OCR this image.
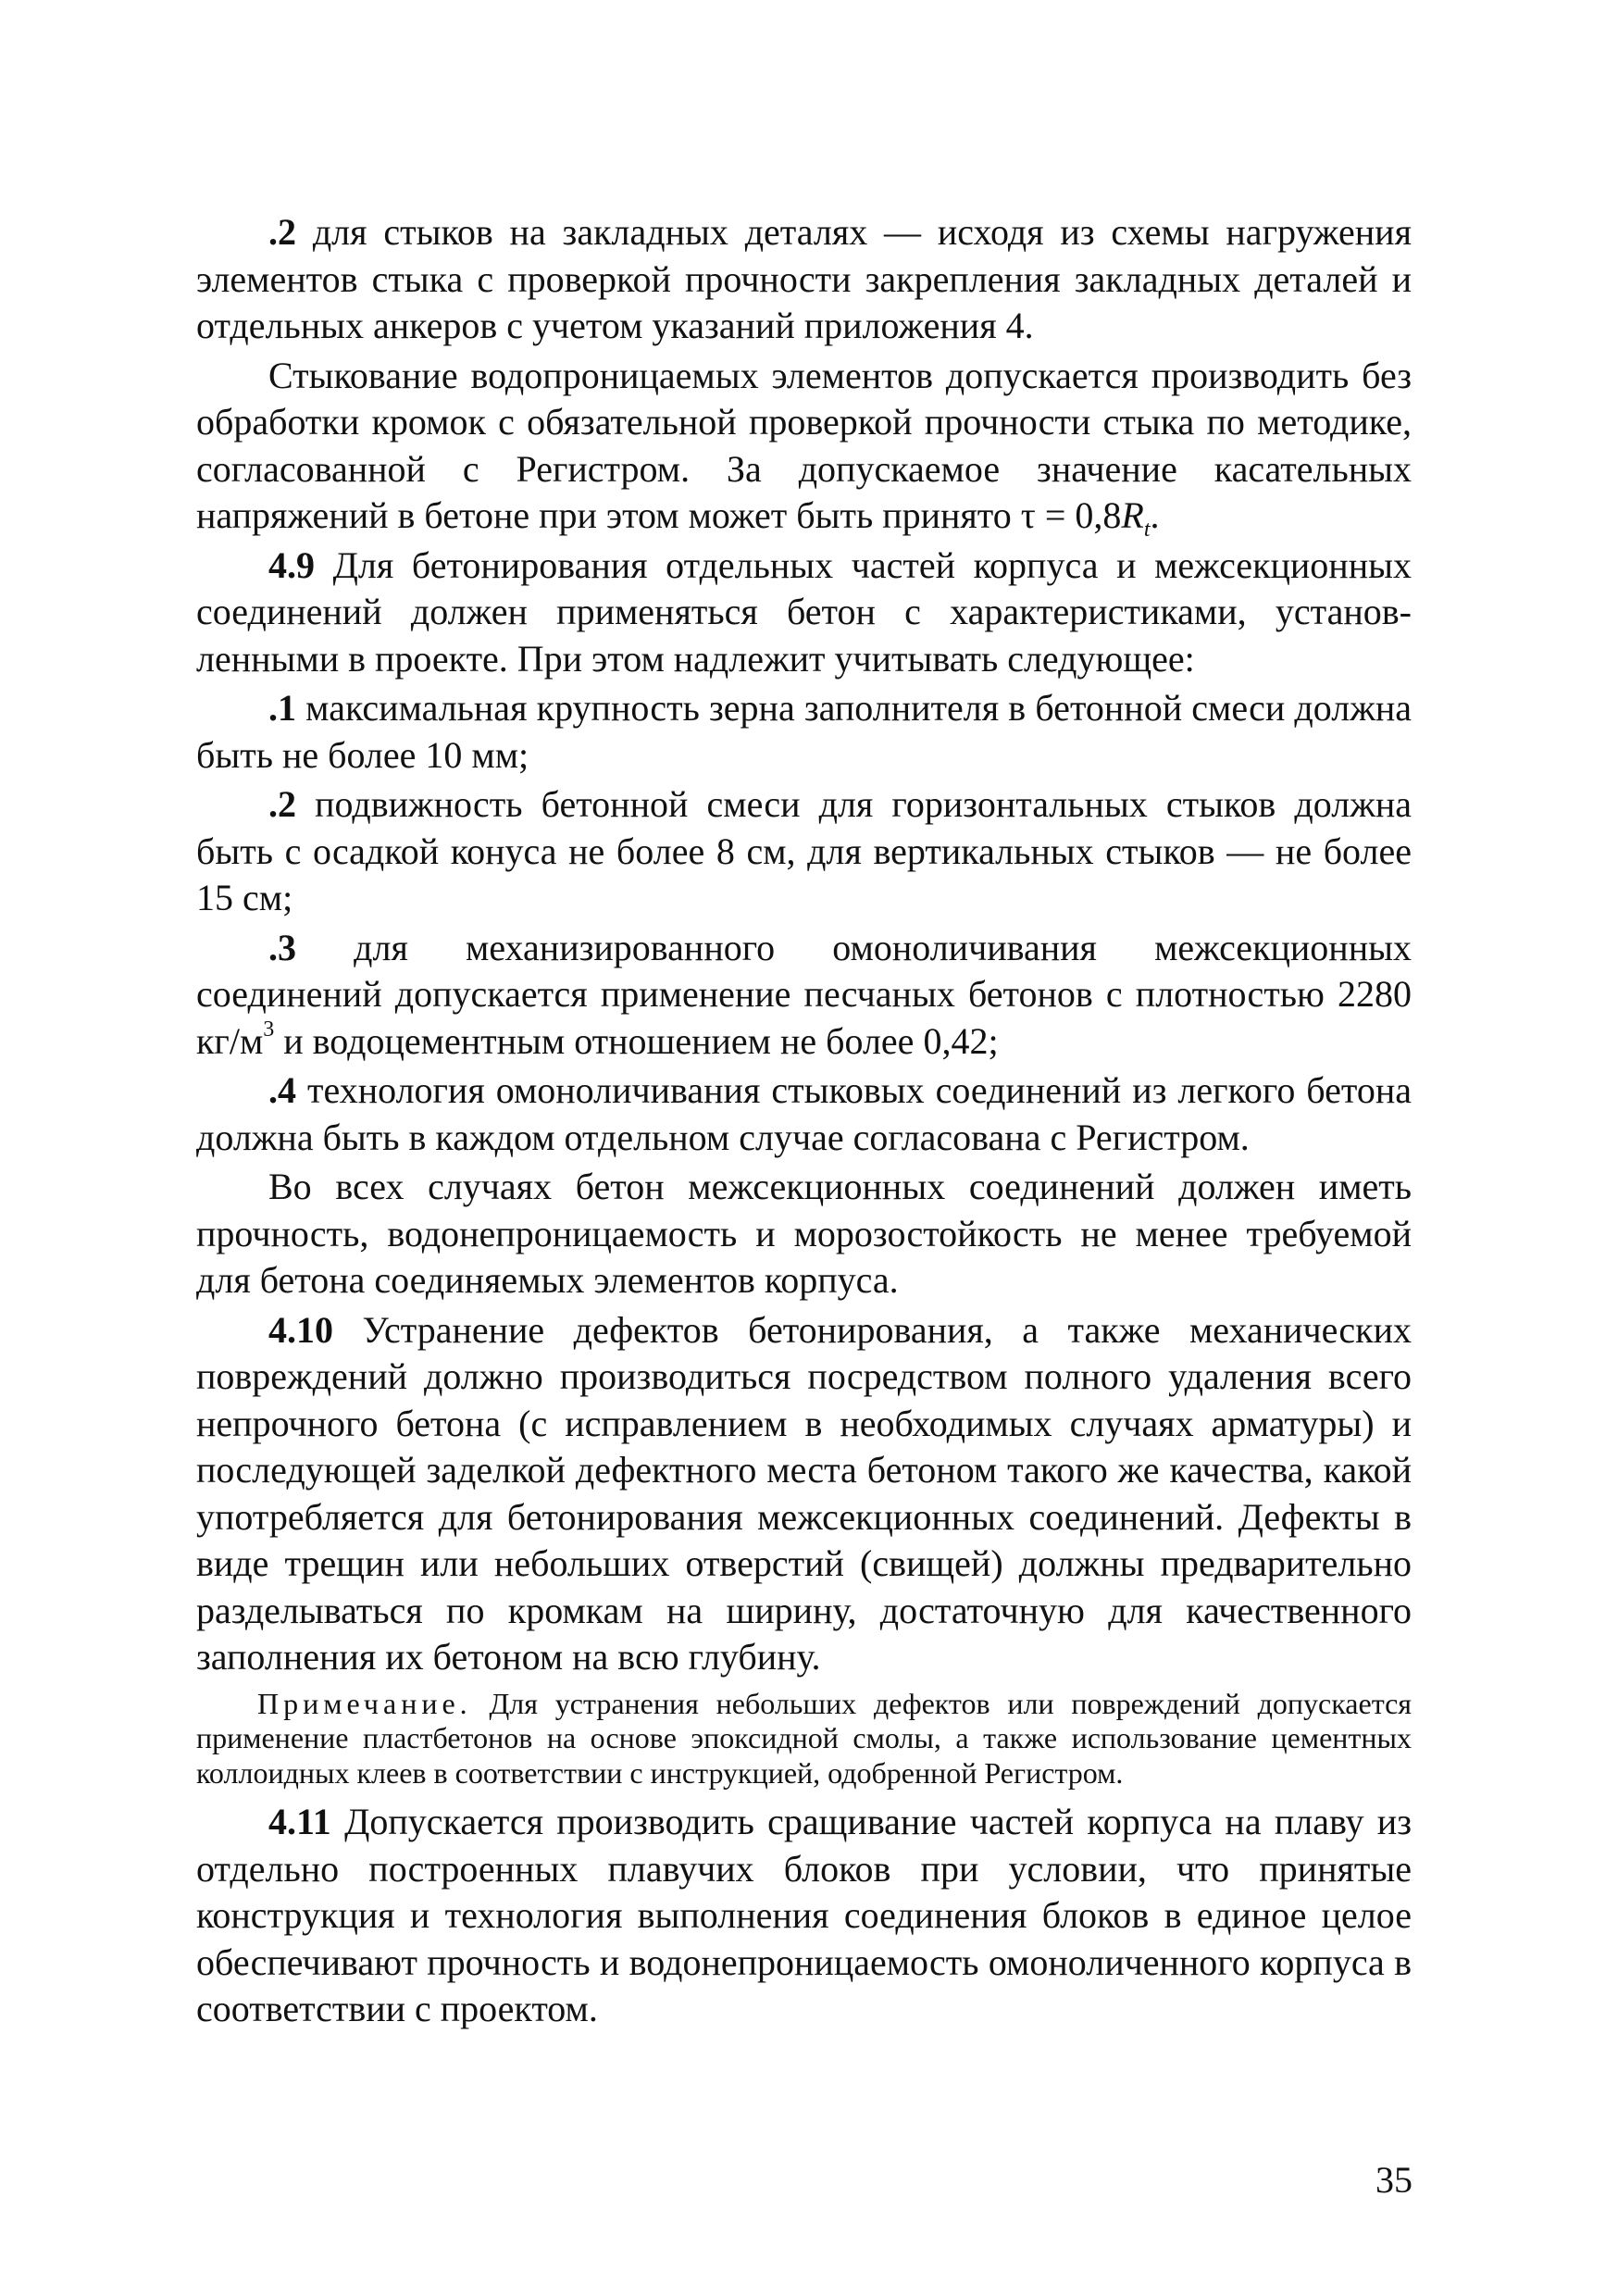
.2 для стыков на закладных деталях — исходя из схемы нагружения элементов стыка с проверкой прочности закрепления закладных деталей и отдельных анкеров с учетом указаний приложения 4.

Стыкование водопроницаемых элементов допускается производить без обработки кромок с обязательной проверкой прочности стыка по методике, согласованной с Регистром. За допускаемое значение касательных напряжений в бетоне при этом может быть принято $\tau = 0,8R_t$.

4.9 Для бетонирования отдельных частей корпуса и межсекционных соединений должен применяться бетон с характеристиками, установленными в проекте. При этом надлежит учитывать следующее:

.1 максимальная крупность зерна заполнителя в бетонной смеси должна быть не более 10 мм;

.2 подвижность бетонной смеси для горизонтальных стыков должна быть с осадкой конуса не более 8 см, для вертикальных стыков — не более 15 см;

.3 для механизированного омоноличивания межсекционных соединений допускается применение песчаных бетонов с плотностью 2280 $кг/м^3$ и водоцементным отношением не более 0,42;

.4 технология омоноличивания стыковых соединений из легкого бетона должна быть в каждом отдельном случае согласована с Регистром.

Во всех случаях бетон межсекционных соединений должен иметь прочность, водонепроницаемость и морозостойкость не менее требуемой для бетона соединяемых элементов корпуса.

4.10 Устранение дефектов бетонирования, а также механических повреждений должно производиться посредством полного удаления всего непрочного бетона (с исправлением в необходимых случаях арматуры) и последующей заделкой дефектного места бетоном такого же качества, какой употребляется для бетонирования межсекционных соединений. Дефекты в виде трещин или небольших отверстий (свищей) должны предварительно разделываться по кромкам на ширину, достаточную для качественного заполнения их бетоном на всю глубину.

Примечание. Для устранения небольших дефектов или повреждений допускается применение пластбетонов на основе эпоксидной смолы, а также использование цементных коллоидных клеев в соответствии с инструкцией, одобренной Регистром.

4.11 Допускается производить сращивание частей корпуса на плаву из отдельно построенных плавучих блоков при условии, что принятые конструкция и технология выполнения соединения блоков в единое целое обеспечивают прочность и водонепроницаемость омоноличенного корпуса в соответствии с проектом.

35
